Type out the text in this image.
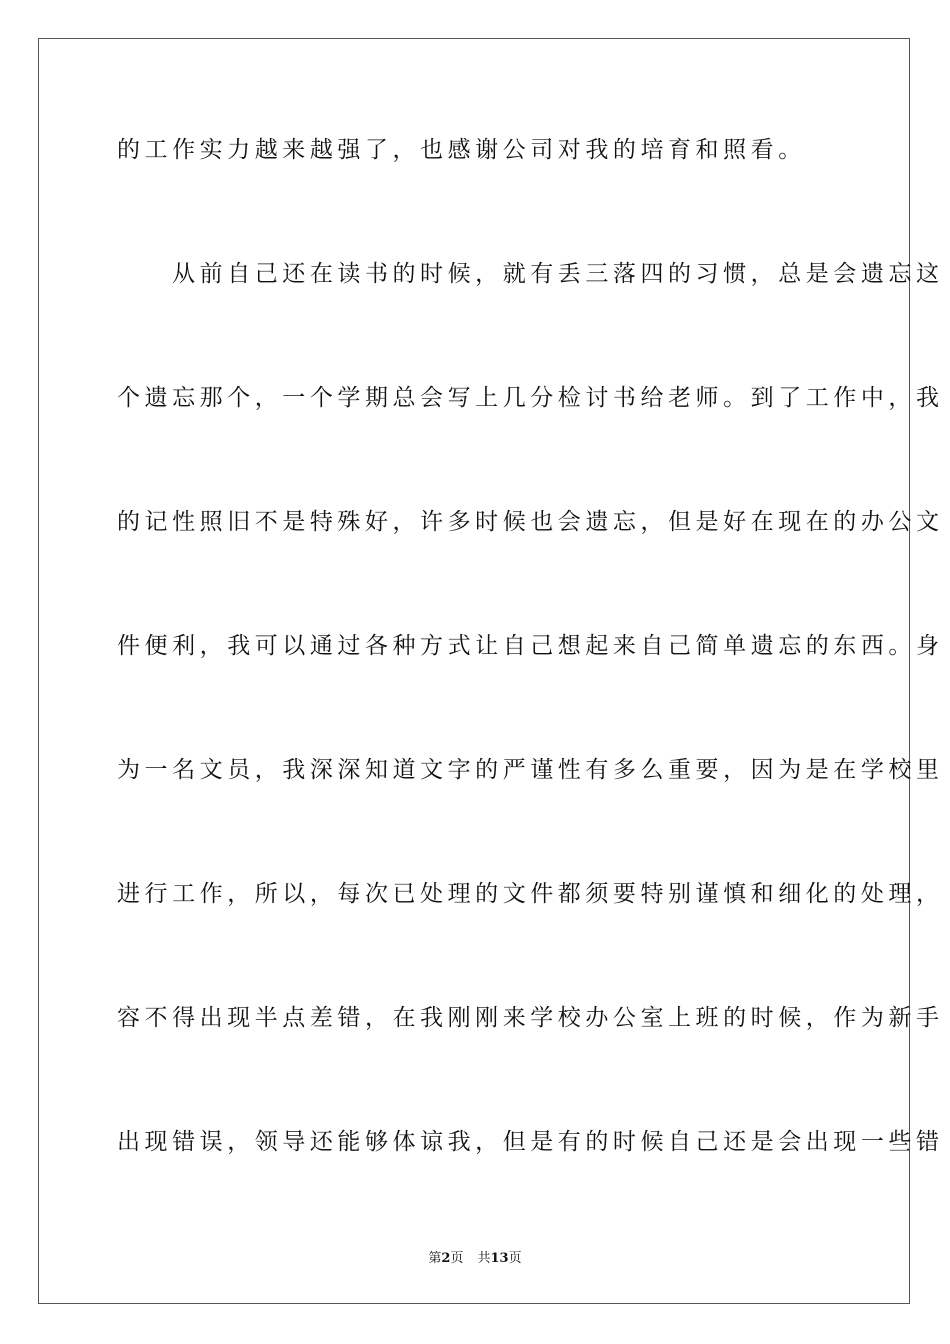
的工作实力越来越强了，也感谢公司对我的培育和照看。
　　从前自己还在读书的时候，就有丢三落四的习惯，总是会遗忘这
个遗忘那个，一个学期总会写上几分检讨书给老师。到了工作中，我
的记性照旧不是特殊好，许多时候也会遗忘，但是好在现在的办公文
件便利，我可以通过各种方式让自己想起来自己简单遗忘的东西。身
为一名文员，我深深知道文字的严谨性有多么重要，因为是在学校里
进行工作，所以，每次已处理的文件都须要特别谨慎和细化的处理，
容不得出现半点差错，在我刚刚来学校办公室上班的时候，作为新手
出现错误，领导还能够体谅我，但是有的时候自己还是会出现一些错
第2页 共13页
